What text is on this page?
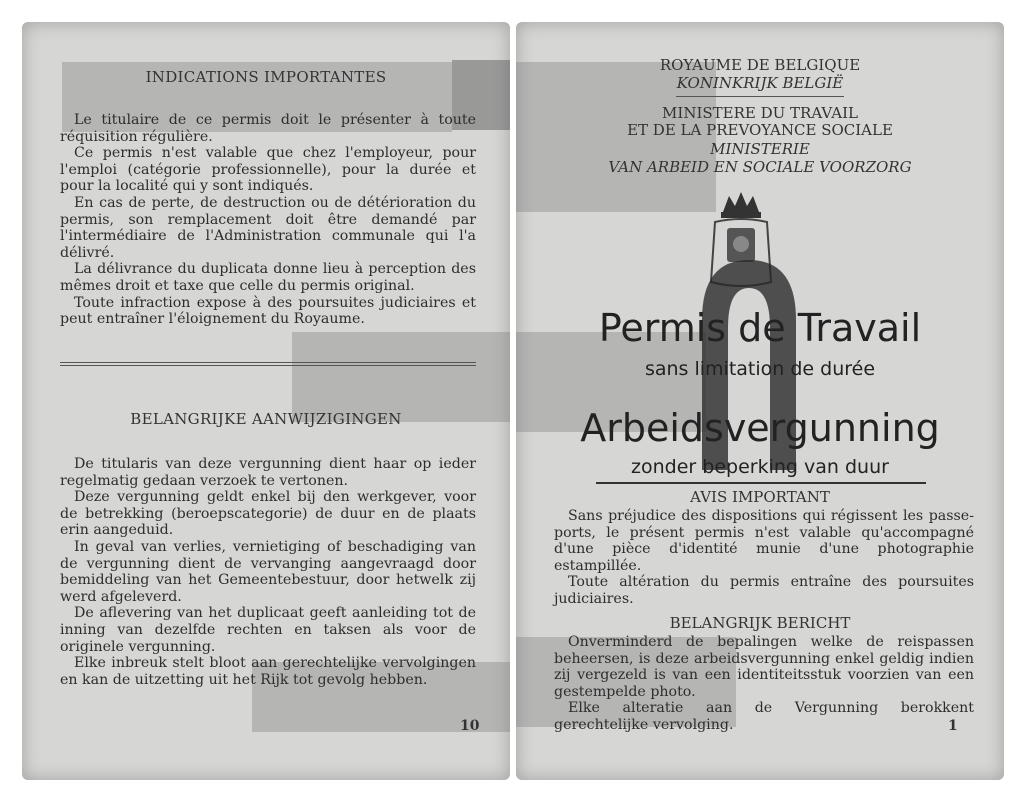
INDICATIONS IMPORTANTES

Le titulaire de ce permis doit le présenter à toute réquisition régulière.

Ce permis n'est valable que chez l'employeur, pour l'emploi (catégorie professionnelle), pour la durée et pour la localité qui y sont indiqués.

En cas de perte, de destruction ou de détérioration du permis, son remplacement doit être demandé par l'intermédiaire de l'Administration communale qui l'a délivré.

La délivrance du duplicata donne lieu à perception des mêmes droit et taxe que celle du permis original.

Toute infraction expose à des poursuites judiciaires et peut entraîner l'éloignement du Royaume.

BELANGRIJKE AANWIJZIGINGEN

De titularis van deze vergunning dient haar op ieder regelmatig gedaan verzoek te vertonen.

Deze vergunning geldt enkel bij den werkgever, voor de betrekking (beroepscategorie) de duur en de plaats erin aangeduid.

In geval van verlies, vernietiging of beschadiging van de vergunning dient de vervanging aangevraagd door bemiddeling van het Gemeentebestuur, door hetwelk zij werd afgeleverd.

De aflevering van het duplicaat geeft aanleiding tot de inning van dezelfde rechten en taksen als voor de originele vergunning.

Elke inbreuk stelt bloot aan gerechtelijke vervolgingen en kan de uitzetting uit het Rijk tot gevolg hebben.

10
ROYAUME DE BELGIQUE
KONINKRIJK BELGIË
MINISTERE DU TRAVAIL
ET DE LA PREVOYANCE SOCIALE
MINISTERIE
VAN ARBEID EN SOCIALE VOORZORG
Permis de Travail
sans limitation de durée
Arbeidsvergunning
zonder beperking van duur
AVIS IMPORTANT

Sans préjudice des dispositions qui régissent les passe-ports, le présent permis n'est valable qu'accompagné d'une pièce d'identité munie d'une photographie estampillée.

Toute altération du permis entraîne des poursuites judiciaires.

BELANGRIJK BERICHT

Onverminderd de bepalingen welke de reispassen beheersen, is deze arbeidsvergunning enkel geldig indien zij vergezeld is van een identiteitsstuk voorzien van een gestempelde photo.

Elke alteratie aan de Vergunning berokkent gerechtelijke vervolging.	1
